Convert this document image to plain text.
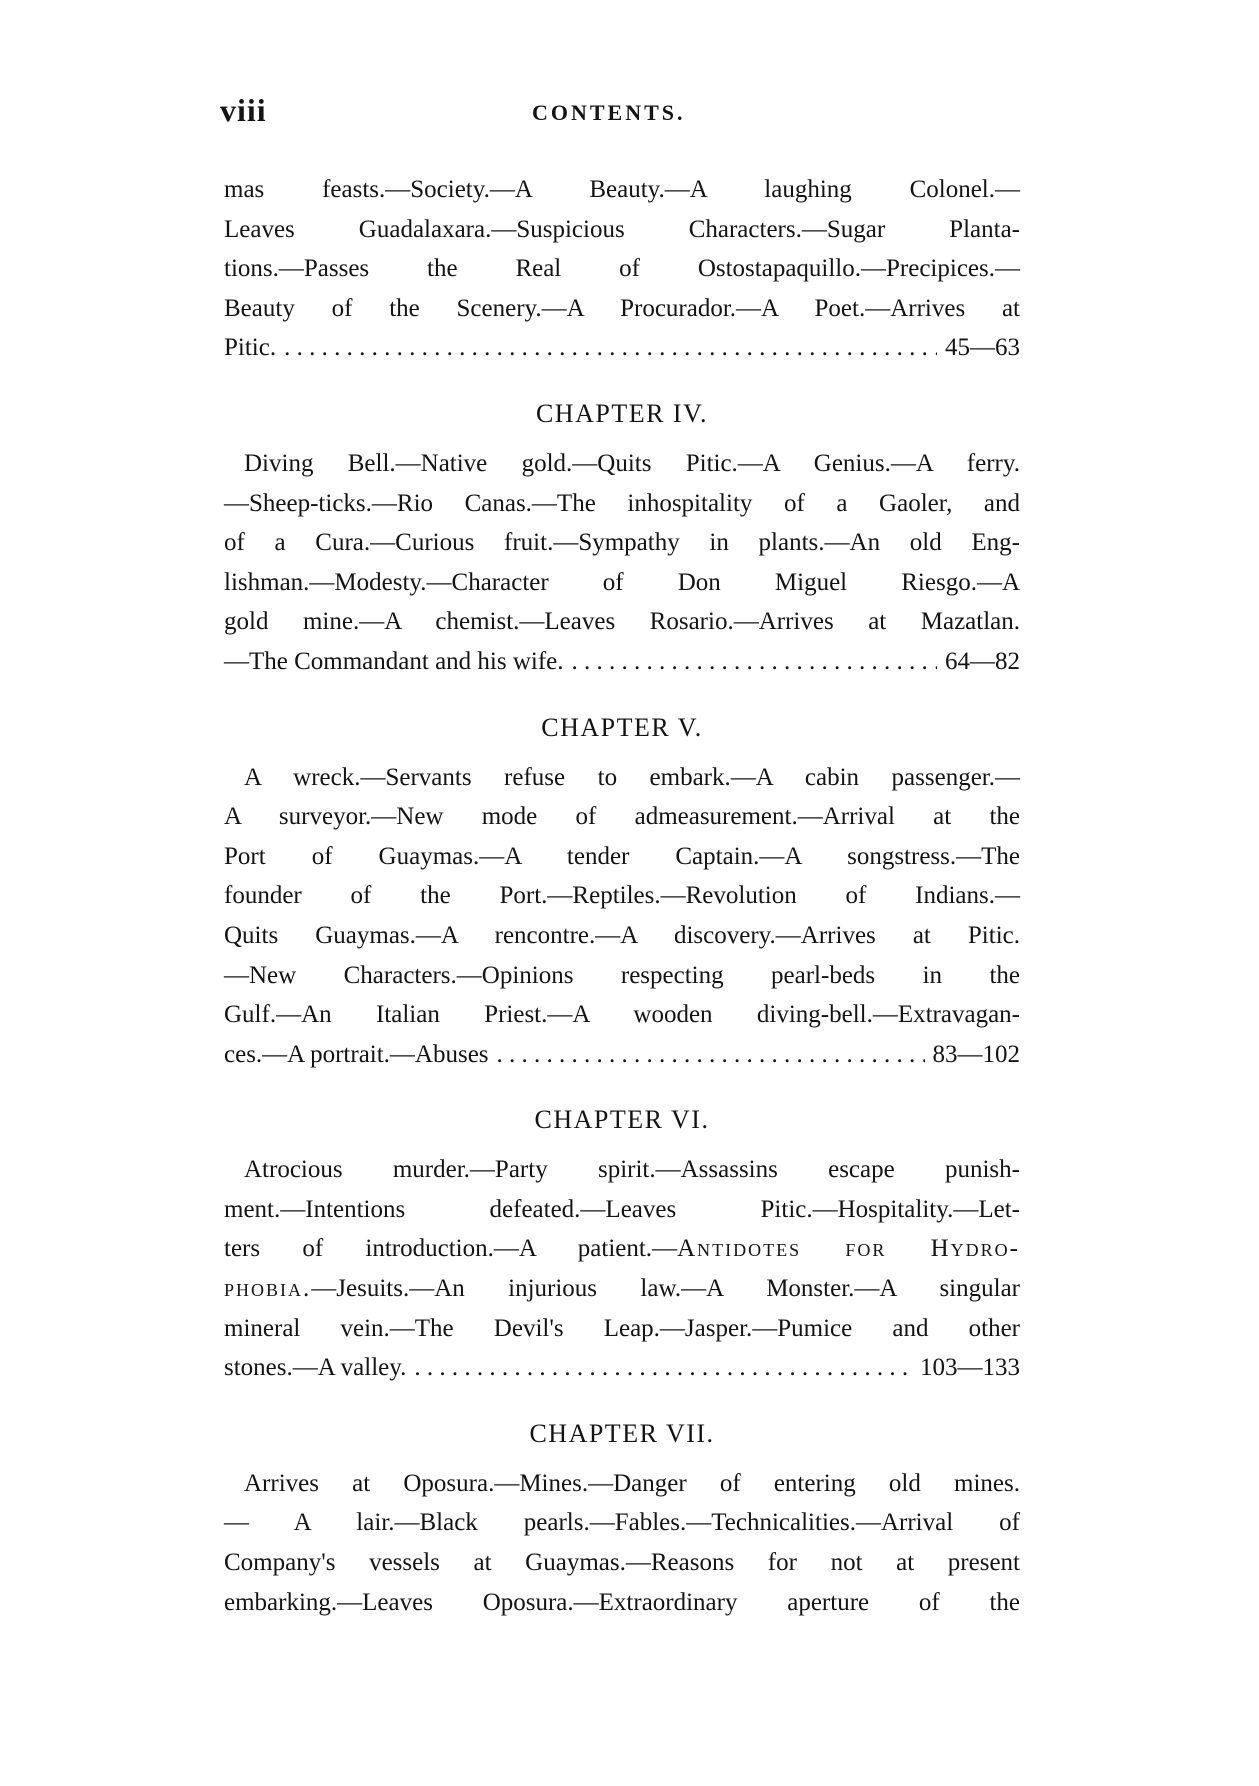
viii	CONTENTS.
mas feasts.—Society.—A Beauty.—A laughing Colonel.—
Leaves Guadalaxara.—Suspicious Characters.—Sugar Planta-
tions.—Passes the Real of Ostostapaquillo.—Precipices.—
Beauty of the Scenery.—A Procurador.—A Poet.—Arrives at
Pitic. . . .	45—63
CHAPTER IV.
Diving Bell.—Native gold.—Quits Pitic.—A Genius.—A ferry.
—Sheep-ticks.—Rio Canas.—The inhospitality of a Gaoler, and
of a Cura.—Curious fruit.—Sympathy in plants.—An old Eng-
lishman.—Modesty.—Character of Don Miguel Riesgo.—A
gold mine.—A chemist.—Leaves Rosario.—Arrives at Mazatlan.
—The Commandant and his wife. . . .	64—82
CHAPTER V.
A wreck.—Servants refuse to embark.—A cabin passenger.—
A surveyor.—New mode of admeasurement.—Arrival at the
Port of Guaymas.—A tender Captain.—A songstress.—The
founder of the Port.—Reptiles.—Revolution of Indians.—
Quits Guaymas.—A rencontre.—A discovery.—Arrives at Pitic.
—New Characters.—Opinions respecting pearl-beds in the
Gulf.—An Italian Priest.—A wooden diving-bell.—Extravagan-
ces.—A portrait.—Abuses . . .	83—102
CHAPTER VI.
Atrocious murder.—Party spirit.—Assassins escape punish-
ment.—Intentions defeated.—Leaves Pitic.—Hospitality.—Let-
ters of introduction.—A patient.—Antidotes for Hydro-
phobia.—Jesuits.—An injurious law.—A Monster.—A singular
mineral vein.—The Devil's Leap.—Jasper.—Pumice and other
stones.—A valley. . . .	103—133
CHAPTER VII.
Arrives at Oposura.—Mines.—Danger of entering old mines.
— A lair.—Black pearls.—Fables.—Technicalities.—Arrival of
Company's vessels at Guaymas.—Reasons for not at present
embarking.—Leaves Oposura.—Extraordinary aperture of the
